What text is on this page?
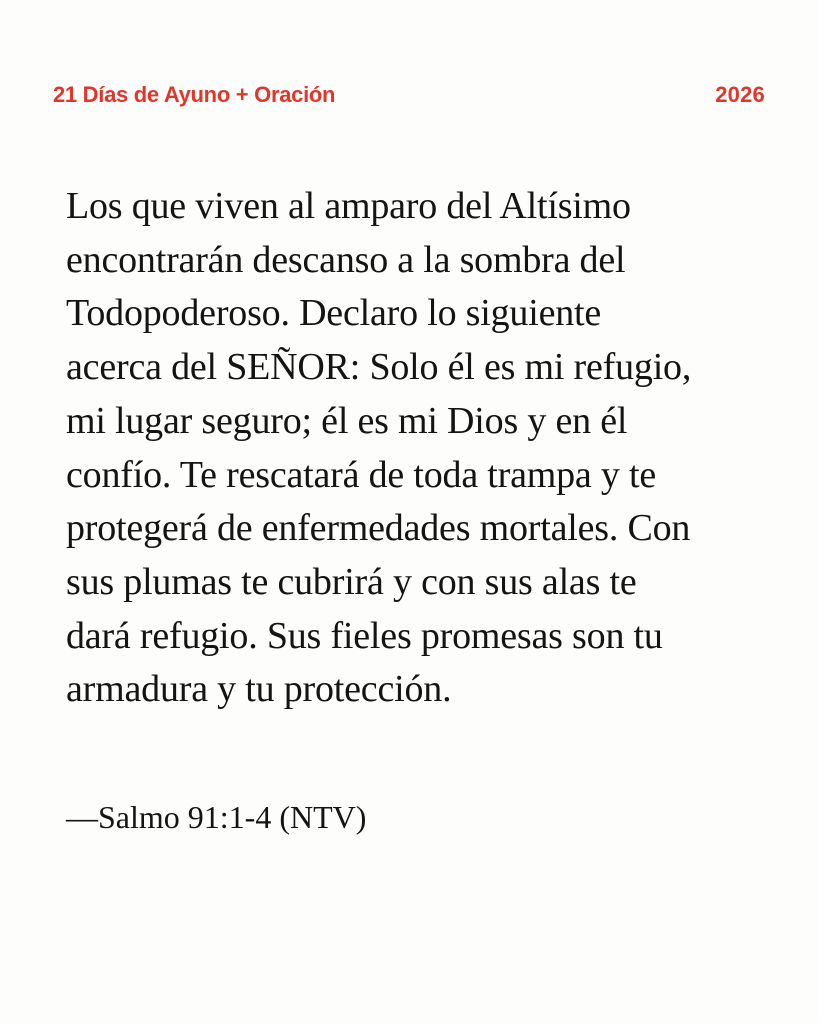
21 Días de Ayuno + Oración	2026

Los que viven al amparo del Altísimo

encontrarán descanso a la sombra del

Todopoderoso. Declaro lo siguiente

acerca del SEÑOR: Solo él es mi refugio,

mi lugar seguro; él es mi Dios y en él

confío. Te rescatará de toda trampa y te

protegerá de enfermedades mortales. Con

sus plumas te cubrirá y con sus alas te

dará refugio. Sus fieles promesas son tu

armadura y tu protección.

—Salmo 91:1-4 (NTV)
